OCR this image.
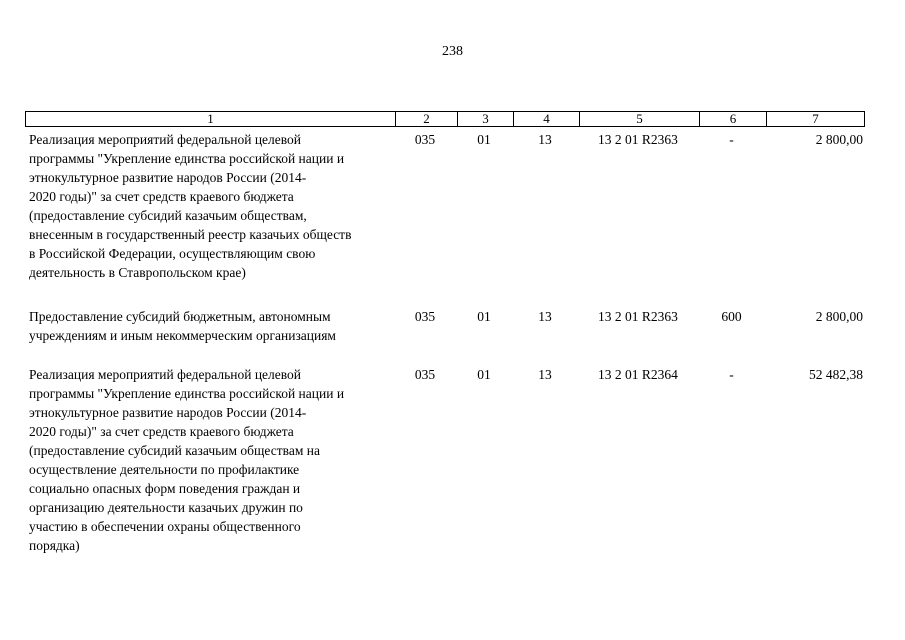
238
1	2	3	4	5	6	7
Реализация мероприятий федеральной целевой
программы "Укрепление единства российской нации и
этнокультурное развитие народов России (2014-
2020 годы)" за счет средств краевого бюджета
(предоставление субсидий казачьим обществам,
внесенным в государственный реестр казачьих обществ
в Российской Федерации, осуществляющим свою
деятельность в Ставропольском крае)
035	01	13	13 2 01 R2363	-	2 800,00
Предоставление субсидий бюджетным, автономным
учреждениям и иным некоммерческим организациям
035	01	13	13 2 01 R2363	600	2 800,00
Реализация мероприятий федеральной целевой
программы "Укрепление единства российской нации и
этнокультурное развитие народов России (2014-
2020 годы)" за счет средств краевого бюджета
(предоставление субсидий казачьим обществам на
осуществление деятельности по профилактике
социально опасных форм поведения граждан и
организацию деятельности казачьих дружин по
участию в обеспечении охраны общественного
порядка)
035	01	13	13 2 01 R2364	-	52 482,38
